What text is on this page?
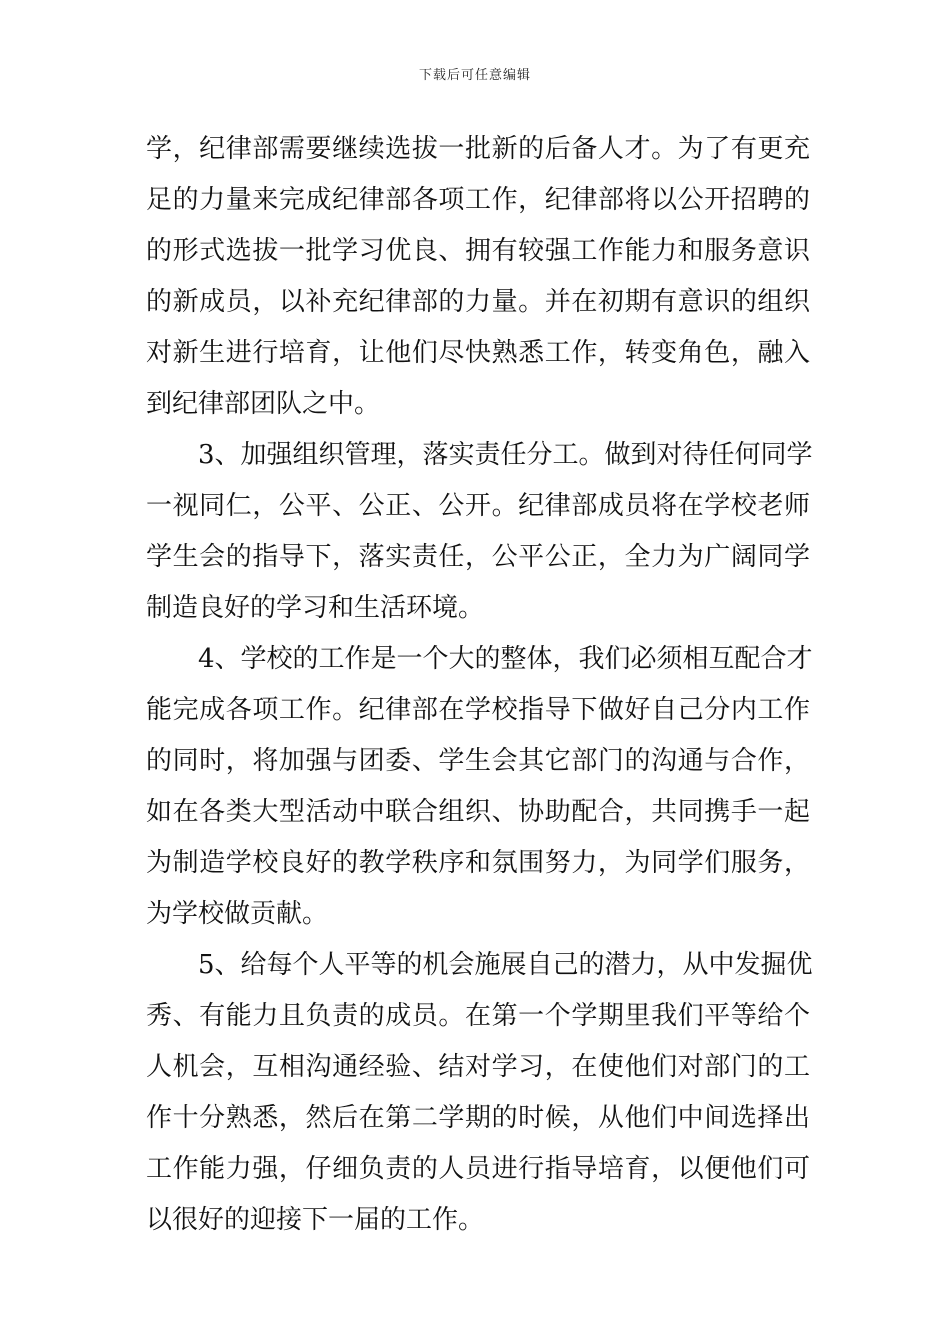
下载后可任意编辑
学，纪律部需要继续选拔一批新的后备人才。为了有更充
足的力量来完成纪律部各项工作，纪律部将以公开招聘的
的形式选拔一批学习优良、拥有较强工作能力和服务意识
的新成员，以补充纪律部的力量。并在初期有意识的组织
对新生进行培育，让他们尽快熟悉工作，转变角色，融入
到纪律部团队之中。
3、加强组织管理，落实责任分工。做到对待任何同学
一视同仁，公平、公正、公开。纪律部成员将在学校老师
学生会的指导下，落实责任，公平公正，全力为广阔同学
制造良好的学习和生活环境。
4、学校的工作是一个大的整体，我们必须相互配合才
能完成各项工作。纪律部在学校指导下做好自己分内工作
的同时，将加强与团委、学生会其它部门的沟通与合作，
如在各类大型活动中联合组织、协助配合，共同携手一起
为制造学校良好的教学秩序和氛围努力，为同学们服务，
为学校做贡献。
5、给每个人平等的机会施展自己的潜力，从中发掘优
秀、有能力且负责的成员。在第一个学期里我们平等给个
人机会，互相沟通经验、结对学习，在使他们对部门的工
作十分熟悉，然后在第二学期的时候，从他们中间选择出
工作能力强，仔细负责的人员进行指导培育，以便他们可
以很好的迎接下一届的工作。
